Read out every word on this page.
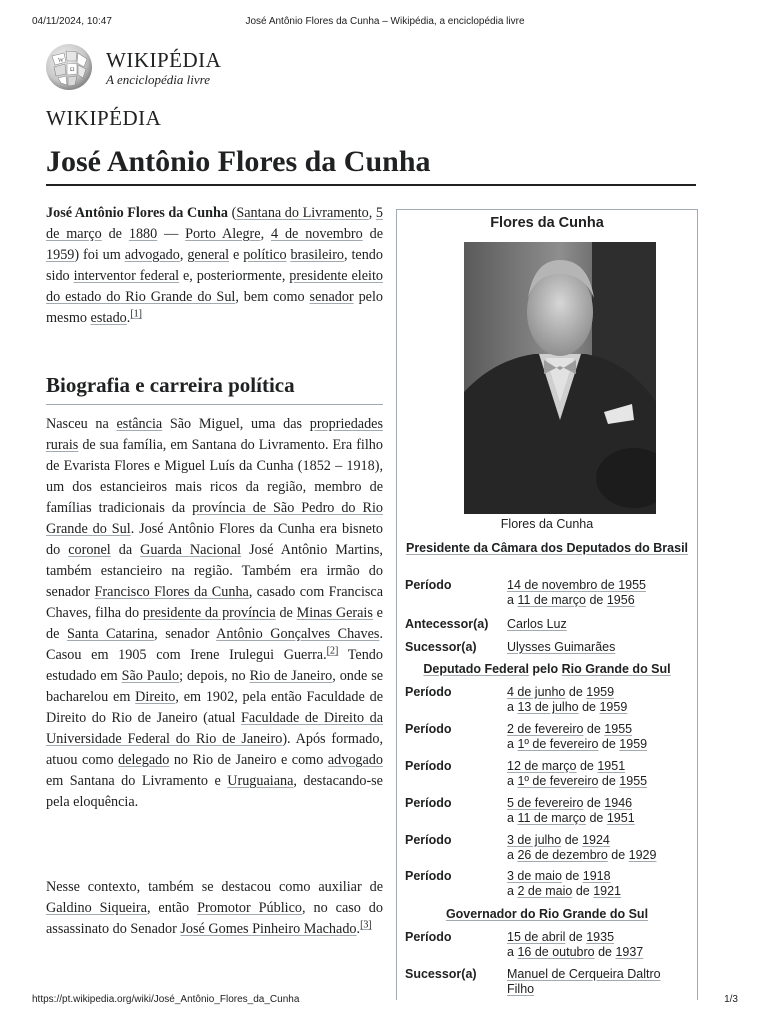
04/11/2024, 10:47	José Antônio Flores da Cunha – Wikipédia, a enciclopédia livre
W
Ω WIKIPÉDIA
A enciclopédia livre
WIKIPÉDIA
José Antônio Flores da Cunha

José Antônio Flores da Cunha (Santana do Livramento, 5 de março de 1880 — Porto Alegre, 4 de novembro de 1959) foi um advogado, general e político brasileiro, tendo sido interventor federal e, posteriormente, presidente eleito do estado do Rio Grande do Sul, bem como senador pelo mesmo estado.[1]

Biografia e carreira política

Nasceu na estância São Miguel, uma das propriedades rurais de sua família, em Santana do Livramento. Era filho de Evarista Flores e Miguel Luís da Cunha (1852 – 1918), um dos estancieiros mais ricos da região, membro de famílias tradicionais da província de São Pedro do Rio Grande do Sul. José Antônio Flores da Cunha era bisneto do coronel da Guarda Nacional José Antônio Martins, também estancieiro na região. Também era irmão do senador Francisco Flores da Cunha, casado com Francisca Chaves, filha do presidente da província de Minas Gerais e de Santa Catarina, senador Antônio Gonçalves Chaves. Casou em 1905 com Irene Irulegui Guerra.[2] Tendo estudado em São Paulo; depois, no Rio de Janeiro, onde se bacharelou em Direito, em 1902, pela então Faculdade de Direito do Rio de Janeiro (atual Faculdade de Direito da Universidade Federal do Rio de Janeiro). Após formado, atuou como delegado no Rio de Janeiro e como advogado em Santana do Livramento e Uruguaiana, destacando-se pela eloquência.

Nesse contexto, também se destacou como auxiliar de Galdino Siqueira, então Promotor Público, no caso do assassinato do Senador José Gomes Pinheiro Machado.[3]

Flores da Cunha
Flores da Cunha
Presidente da Câmara dos Deputados do Brasil
Período	14 de novembro de 1955
a 11 de março de 1956
Antecessor(a) Carlos Luz
Sucessor(a) Ulysses Guimarães
Deputado Federal pelo Rio Grande do Sul
Período	4 de junho de 1959
a 13 de julho de 1959
Período	2 de fevereiro de 1955
a 1º de fevereiro de 1959
Período	12 de março de 1951
a 1º de fevereiro de 1955
Período	5 de fevereiro de 1946
a 11 de março de 1951
Período	3 de julho de 1924
a 26 de dezembro de 1929
Período	3 de maio de 1918
a 2 de maio de 1921
Governador do Rio Grande do Sul
Período	15 de abril de 1935
a 16 de outubro de 1937
Sucessor(a) Manuel de Cerqueira Daltro Filho
https://pt.wikipedia.org/wiki/José_Antônio_Flores_da_Cunha	1/3
